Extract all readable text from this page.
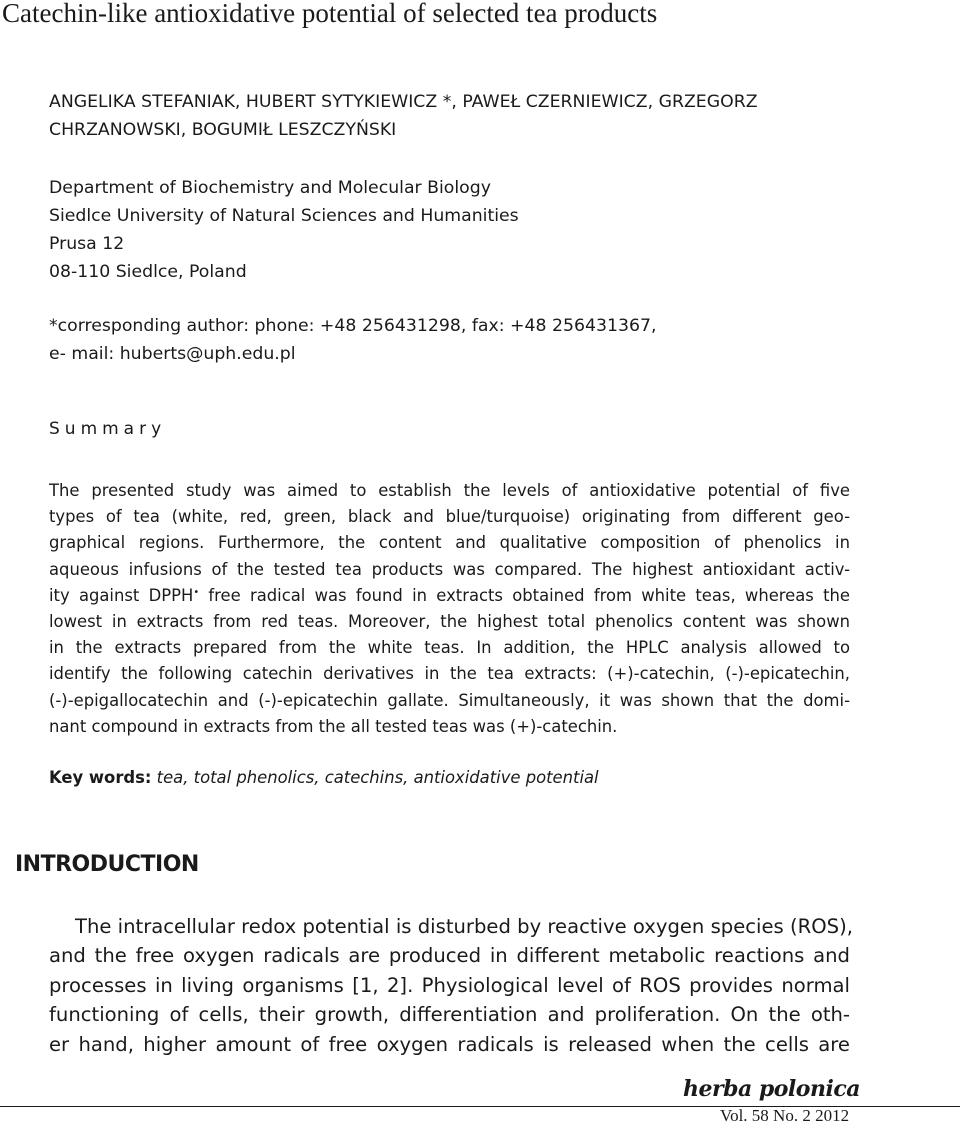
Catechin-like antioxidative potential of selected tea products
ANGELIKA STEFANIAK, HUBERT SYTYKIEWICZ *, PAWEŁ CZERNIEWICZ, GRZEGORZ
CHRZANOWSKI, BOGUMIŁ LESZCZYŃSKI
Department of Biochemistry and Molecular Biology
Siedlce University of Natural Sciences and Humanities
Prusa 12
08-110 Siedlce, Poland
*corresponding author: phone: +48 256431298, fax: +48 256431367,
e- mail: huberts@uph.edu.pl
Summary
The presented study was aimed to establish the levels of antioxidative potential of five
types of tea (white, red, green, black and blue/turquoise) originating from different geo-
graphical regions. Furthermore, the content and qualitative composition of phenolics in
aqueous infusions of the tested tea products was compared. The highest antioxidant activ-
ity against DPPH• free radical was found in extracts obtained from white teas, whereas the
lowest in extracts from red teas. Moreover, the highest total phenolics content was shown
in the extracts prepared from the white teas. In addition, the HPLC analysis allowed to
identify the following catechin derivatives in the tea extracts: (+)-catechin, (-)-epicatechin,
(-)-epigallocatechin and (-)-epicatechin gallate. Simultaneously, it was shown that the domi-
nant compound in extracts from the all tested teas was (+)-catechin.
Key words: tea, total phenolics, catechins, antioxidative potential
INTRODUCTION
The intracellular redox potential is disturbed by reactive oxygen species (ROS),
and the free oxygen radicals are produced in different metabolic reactions and
processes in living organisms [1, 2]. Physiological level of ROS provides normal
functioning of cells, their growth, differentiation and proliferation. On the oth-
er hand, higher amount of free oxygen radicals is released when the cells are
herba polonica
Vol. 58 No. 2 2012
